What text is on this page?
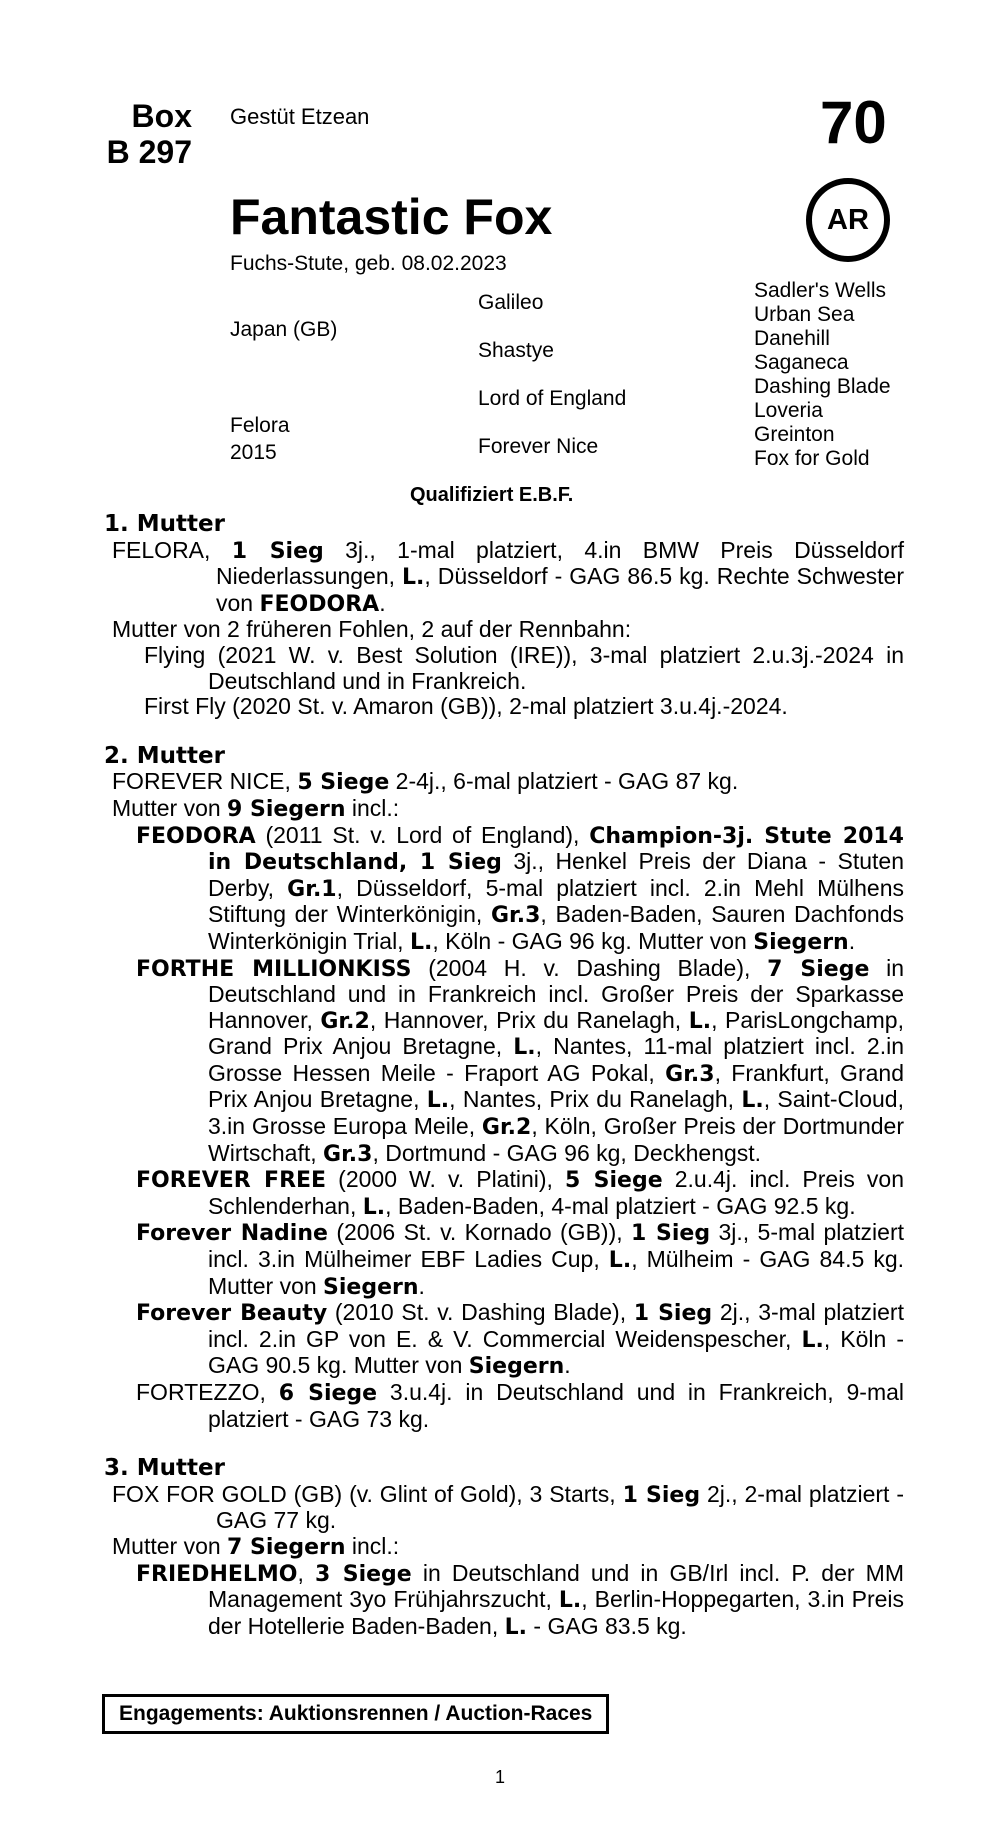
Box
B 297
Gestüt Etzean	70
AR
Fantastic Fox
Fuchs-Stute, geb. 08.02.2023
Japan (GB)
Felora
2015
Galileo
Shastye
Lord of England
Forever Nice
Sadler's Wells
Urban Sea
Danehill
Saganeca
Dashing Blade
Loveria
Greinton
Fox for Gold
Qualifiziert E.B.F.
1. Mutter

FELORA, 1 Sieg 3j., 1-mal platziert, 4.in BMW Preis Düsseldorf Niederlassungen, L., Düsseldorf - GAG 86.5 kg. Rechte Schwester von FEODORA.

Mutter von 2 früheren Fohlen, 2 auf der Rennbahn:

Flying (2021 W. v. Best Solution (IRE)), 3-mal platziert 2.u.3j.-2024 in Deutschland und in Frankreich.

First Fly (2020 St. v. Amaron (GB)), 2-mal platziert 3.u.4j.-2024.

2. Mutter

FOREVER NICE, 5 Siege 2-4j., 6-mal platziert - GAG 87 kg.

Mutter von 9 Siegern incl.:

FEODORA (2011 St. v. Lord of England), Champion-3j. Stute 2014 in Deutschland, 1 Sieg 3j., Henkel Preis der Diana - Stuten Derby, Gr.1, Düsseldorf, 5-mal platziert incl. 2.in Mehl Mülhens Stiftung der Winterkönigin, Gr.3, Baden-Baden, Sauren Dachfonds Winterkönigin Trial, L., Köln - GAG 96 kg. Mutter von Siegern.

FORTHE MILLIONKISS (2004 H. v. Dashing Blade), 7 Siege in Deutschland und in Frankreich incl. Großer Preis der Sparkasse Hannover, Gr.2, Hannover, Prix du Ranelagh, L., ParisLongchamp, Grand Prix Anjou Bretagne, L., Nantes, 11-mal platziert incl. 2.in Grosse Hessen Meile - Fraport AG Pokal, Gr.3, Frankfurt, Grand Prix Anjou Bretagne, L., Nantes, Prix du Ranelagh, L., Saint-Cloud, 3.in Grosse Europa Meile, Gr.2, Köln, Großer Preis der Dortmunder Wirtschaft, Gr.3, Dortmund - GAG 96 kg, Deckhengst.

FOREVER FREE (2000 W. v. Platini), 5 Siege 2.u.4j. incl. Preis von Schlenderhan, L., Baden-Baden, 4-mal platziert - GAG 92.5 kg.

Forever Nadine (2006 St. v. Kornado (GB)), 1 Sieg 3j., 5-mal platziert incl. 3.in Mülheimer EBF Ladies Cup, L., Mülheim - GAG 84.5 kg. Mutter von Siegern.

Forever Beauty (2010 St. v. Dashing Blade), 1 Sieg 2j., 3-mal platziert incl. 2.in GP von E. & V. Commercial Weidenspescher, L., Köln - GAG 90.5 kg. Mutter von Siegern.

FORTEZZO, 6 Siege 3.u.4j. in Deutschland und in Frankreich, 9-mal platziert - GAG 73 kg.

3. Mutter

FOX FOR GOLD (GB) (v. Glint of Gold), 3 Starts, 1 Sieg 2j., 2-mal platziert - GAG 77 kg.

Mutter von 7 Siegern incl.:

FRIEDHELMO, 3 Siege in Deutschland und in GB/Irl incl. P. der MM Management 3yo Frühjahrszucht, L., Berlin-Hoppegarten, 3.in Preis der Hotellerie Baden-Baden, L. - GAG 83.5 kg.

Engagements: Auktionsrennen / Auction-Races
1
